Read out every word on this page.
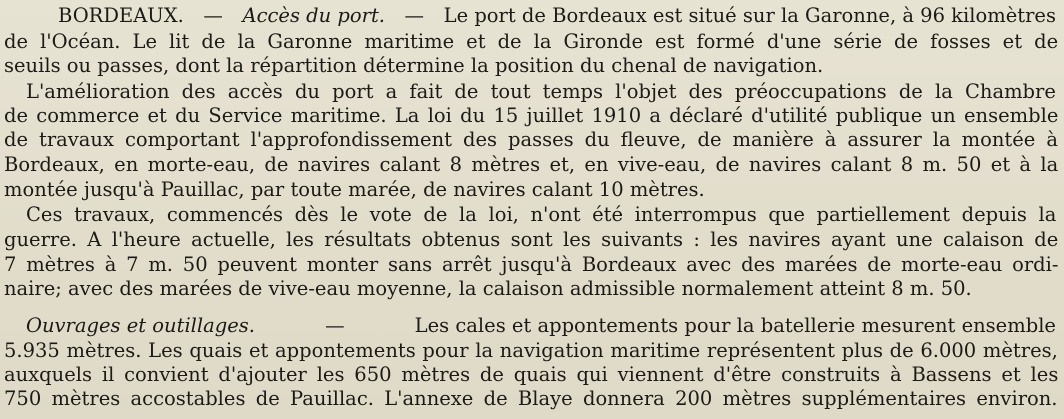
BORDEAUX. — Accès du port. — Le port de Bordeaux est situé sur la Garonne, à 96 kilomètres
de l'Océan. Le lit de la Garonne maritime et de la Gironde est formé d'une série de fosses et de
seuils ou passes, dont la répartition détermine la position du chenal de navigation.
L'amélioration des accès du port a fait de tout temps l'objet des préoccupations de la Chambre
de commerce et du Service maritime. La loi du 15 juillet 1910 a déclaré d'utilité publique un ensemble
de travaux comportant l'approfondissement des passes du fleuve, de manière à assurer la montée à
Bordeaux, en morte-eau, de navires calant 8 mètres et, en vive-eau, de navires calant 8 m. 50 et à la
montée jusqu'à Pauillac, par toute marée, de navires calant 10 mètres.
Ces travaux, commencés dès le vote de la loi, n'ont été interrompus que partiellement depuis la
guerre. A l'heure actuelle, les résultats obtenus sont les suivants : les navires ayant une calaison de
7 mètres à 7 m. 50 peuvent monter sans arrêt jusqu'à Bordeaux avec des marées de morte-eau ordi-
naire; avec des marées de vive-eau moyenne, la calaison admissible normalement atteint 8 m. 50.
Ouvrages et outillages.	—	Les cales et appontements pour la batellerie mesurent ensemble
5.935 mètres. Les quais et appontements pour la navigation maritime représentent plus de 6.000 mètres,
auxquels il convient d'ajouter les 650 mètres de quais qui viennent d'être construits à Bassens et les
750 mètres accostables de Pauillac. L'annexe de Blaye donnera 200 mètres supplémentaires environ.
